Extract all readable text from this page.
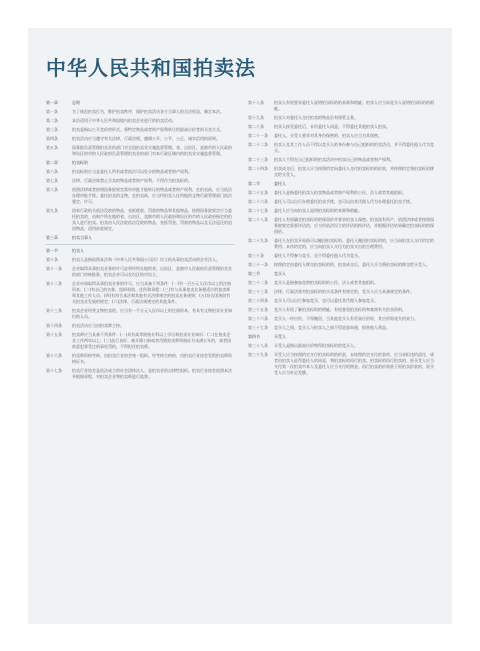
中华人民共和国拍卖法
第一章	总则
第一条	为了规范拍卖行为，维护拍卖秩序，保护拍卖活动各方当事人的合法权益，制定本法。
第二条	本法适用于中华人民共和国境内拍卖企业进行的拍卖活动。
第三条	拍卖是指以公开竞价的形式，将特定物品或者财产权利转让给最高应价者的买卖方式。
第四条	拍卖活动应当遵守有关法律、行政法规，遵循公开、公平、公正、诚实信用的原则。
第五条	国务院负责管理拍卖业的部门对全国拍卖业实施监督管理。省、自治区、直辖市的人民政府和设区的市的人民政府负责管理拍卖业的部门对本行政区域内的拍卖业实施监督管理。
第二章	拍卖标的
第六条	拍卖标的应当是委托人所有或者依法可以处分的物品或者财产权利。
第七条	法律、行政法规禁止买卖的物品或者财产权利，不得作为拍卖标的。
第八条	依照法律或者按照国务院规定需经审批才能转让的物品或者财产权利，在拍卖前，应当依法办理审批手续。委托拍卖的文物，在拍卖前，应当经拍卖人住所地的文物行政管理部门依法鉴定、许可。
第九条	国家行政机关依法没收的物品，充抵税款、罚款的物品和其他物品，按照国务院规定应当委托拍卖的，由财产所在地的省、自治区、直辖市的人民政府和设区的市的人民政府指定的拍卖人进行拍卖。拍卖由人民法院依法没收的物品，充抵罚金、罚款的物品以及无法返还的追回物品，适用前款规定。
第三章	拍卖当事人
第一节	拍卖人
第十条	拍卖人是指依照本法和《中华人民共和国公司法》设立的从事拍卖活动的企业法人。
第十一条	企业取得从事拍卖业务的许可必须经所在地的省、自治区、直辖市人民政府负责管理拍卖业的部门审核批准。拍卖企业可以在设区的市设立。
第十二条	企业申请取得从事拍卖业务的许可，应当具备下列条件：(一)有一百万元人民币以上的注册资本；(二)有自己的名称、组织机构、住所和章程；(三)有与从事拍卖业务相适应的拍卖师和其他工作人员；(四)有符合本法和其他有关法律规定的拍卖业务规则；(五)符合国务院有关拍卖业发展的规定；(六)法律、行政法规规定的其他条件。
第十三条	拍卖企业经营文物拍卖的，应当有一千万元人民币以上的注册资本，有具有文物拍卖专业知识的人员。
第十四条	拍卖活动应当由拍卖师主持。
第十五条	拍卖师应当具备下列条件：(一)具有高等院校专科以上学历和拍卖专业知识；(二)在拍卖企业工作两年以上；(三)品行良好。被开除公职或者吊销拍卖师资格证书未满五年的，或者因故意犯罪受过刑事处罚的，不得担任拍卖师。
第十六条	拍卖师资格考核，由拍卖行业协会统一组织。经考核合格的，由拍卖行业协会发给拍卖师资格证书。
第十七条	拍卖行业协会是依法成立的社会团体法人，是拍卖业的自律性组织。拍卖行业协会依照本法并根据章程，对拍卖企业和拍卖师进行监督。
第十八条	拍卖人有权要求委托人说明拍卖标的的来源和瑕疵。拍卖人应当向竞买人说明拍卖标的的瑕疵。
第十九条	拍卖人对委托人交付拍卖的物品负有保管义务。
第二十条	拍卖人接受委托后，未经委托人同意，不得委托其他拍卖人拍卖。
第二十一条	委托人、买受人要求对其身份保密的，拍卖人应当为其保密。
第二十二条	拍卖人及其工作人员不得以竞买人的身份参与自己组织的拍卖活动，并不得委托他人代为竞买。
第二十三条	拍卖人不得在自己组织的拍卖活动中拍卖自己的物品或者财产权利。
第二十四条	拍卖成交后，拍卖人应当按照约定向委托人交付拍卖标的的价款，并按照约定将拍卖标的移交给买受人。
第二节	委托人
第二十五条	委托人是指委托拍卖人拍卖物品或者财产权利的公民、法人或者其他组织。
第二十六条	委托人可以自行办理委托拍卖手续，也可以由其代理人代为办理委托拍卖手续。
第二十七条	委托人应当向拍卖人说明拍卖标的的来源和瑕疵。
第二十八条	委托人有权确定拍卖标的的保留价并要求拍卖人保密。拍卖国有资产，依照法律或者按照国务院规定需要评估的，应当经依法设立的评估机构评估，并根据评估结果确定拍卖标的的保留价。
第二十九条	委托人在拍卖开始前可以撤回拍卖标的。委托人撤回拍卖标的的，应当向拍卖人支付约定的费用；未作约定的，应当向拍卖人支付为拍卖支出的合理费用。
第三十条	委托人不得参与竞买，也不得委托他人代为竞买。
第三十一条	按照约定由委托人移交拍卖标的的，拍卖成交后，委托人应当将拍卖标的移交给买受人。
第三节	竞买人
第三十二条	竞买人是指参加竞购拍卖标的的公民、法人或者其他组织。
第三十三条	法律、行政法规对拍卖标的的买卖条件有规定的，竞买人应当具备规定的条件。
第三十四条	竞买人可以自行参加竞买，也可以委托其代理人参加竞买。
第三十五条	竞买人有权了解拍卖标的的瑕疵，有权查验拍卖标的和查阅有关拍卖资料。
第三十六条	竞买人一经应价，不得撤回，当其他竞买人有更高应价时，其应价即丧失约束力。
第三十七条	竞买人之间、竞买人与拍卖人之间不得恶意串通，损害他人利益。
第四节	买受人
第三十八条	买受人是指以最高应价购得拍卖标的的竞买人。
第三十九条	买受人应当按照约定支付拍卖标的的价款，未按照约定支付价款的，应当承担违约责任，或者由拍卖人征得委托人的同意，将拍卖标的再行拍卖。拍卖标的再行拍卖的，原买受人应当支付第一次拍卖中本人及委托人应当支付的佣金。再行拍卖的价款低于原拍卖价款的，原买受人应当补足差额。
